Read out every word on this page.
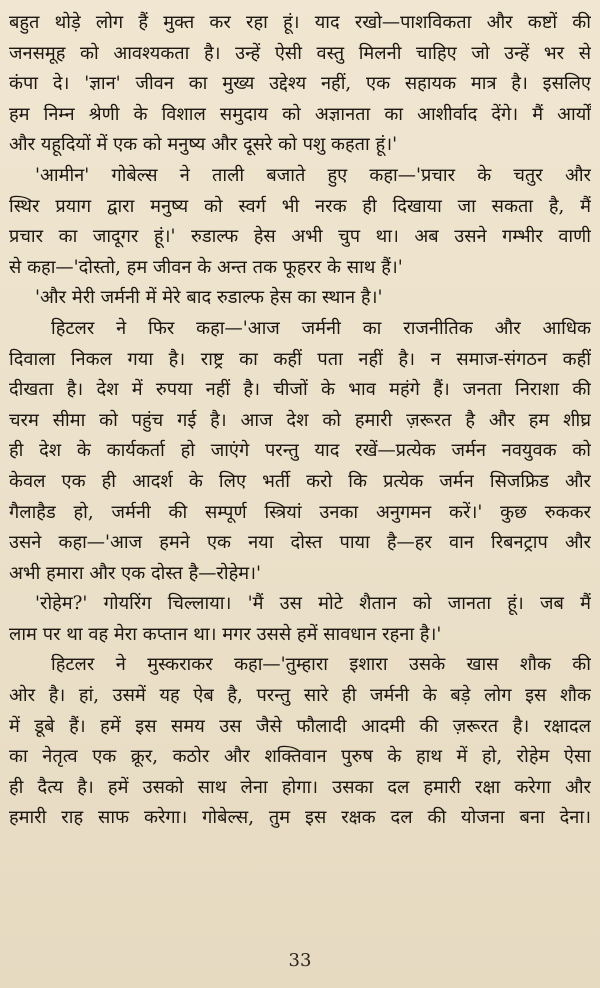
बहुत थोड़े लोग हैं मुक्त कर रहा हूं। याद रखो—पाशविकता और कष्टों की
जनसमूह को आवश्यकता है। उन्हें ऐसी वस्तु मिलनी चाहिए जो उन्हें भर से
कंपा दे। 'ज्ञान' जीवन का मुख्य उद्देश्य नहीं, एक सहायक मात्र है। इसलिए
हम निम्न श्रेणी के विशाल समुदाय को अज्ञानता का आशीर्वाद देंगे। मैं आर्यों
और यहूदियों में एक को मनुष्य और दूसरे को पशु कहता हूं।'
'आमीन' गोबेल्स ने ताली बजाते हुए कहा—'प्रचार के चतुर और
स्थिर प्रयाग द्वारा मनुष्य को स्वर्ग भी नरक ही दिखाया जा सकता है, मैं
प्रचार का जादूगर हूं।' रुडाल्फ हेस अभी चुप था। अब उसने गम्भीर वाणी
से कहा—'दोस्तो, हम जीवन के अन्त तक फूहरर के साथ हैं।'
'और मेरी जर्मनी में मेरे बाद रुडाल्फ हेस का स्थान है।'
हिटलर ने फिर कहा—'आज जर्मनी का राजनीतिक और आधिक
दिवाला निकल गया है। राष्ट्र का कहीं पता नहीं है। न समाज-संगठन कहीं
दीखता है। देश में रुपया नहीं है। चीजों के भाव महंगे हैं। जनता निराशा की
चरम सीमा को पहुंच गई है। आज देश को हमारी ज़रूरत है और हम शीघ्र
ही देश के कार्यकर्ता हो जाएंगे परन्तु याद रखें—प्रत्येक जर्मन नवयुवक को
केवल एक ही आदर्श के लिए भर्ती करो कि प्रत्येक जर्मन सिजफ्रिड और
गैलाहैड हो, जर्मनी की सम्पूर्ण स्त्रियां उनका अनुगमन करें।' कुछ रुककर
उसने कहा—'आज हमने एक नया दोस्त पाया है—हर वान रिबनट्राप और
अभी हमारा और एक दोस्त है—रोहेम।'
'रोहेम?' गोयरिंग चिल्लाया। 'मैं उस मोटे शैतान को जानता हूं। जब मैं
लाम पर था वह मेरा कप्तान था। मगर उससे हमें सावधान रहना है।'
हिटलर ने मुस्कराकर कहा—'तुम्हारा इशारा उसके खास शौक की
ओर है। हां, उसमें यह ऐब है, परन्तु सारे ही जर्मनी के बड़े लोग इस शौक
में डूबे हैं। हमें इस समय उस जैसे फौलादी आदमी की ज़रूरत है। रक्षादल
का नेतृत्व एक क्रूर, कठोर और शक्तिवान पुरुष के हाथ में हो, रोहेम ऐसा
ही दैत्य है। हमें उसको साथ लेना होगा। उसका दल हमारी रक्षा करेगा और
हमारी राह साफ करेगा। गोबेल्स, तुम इस रक्षक दल की योजना बना देना।
33
